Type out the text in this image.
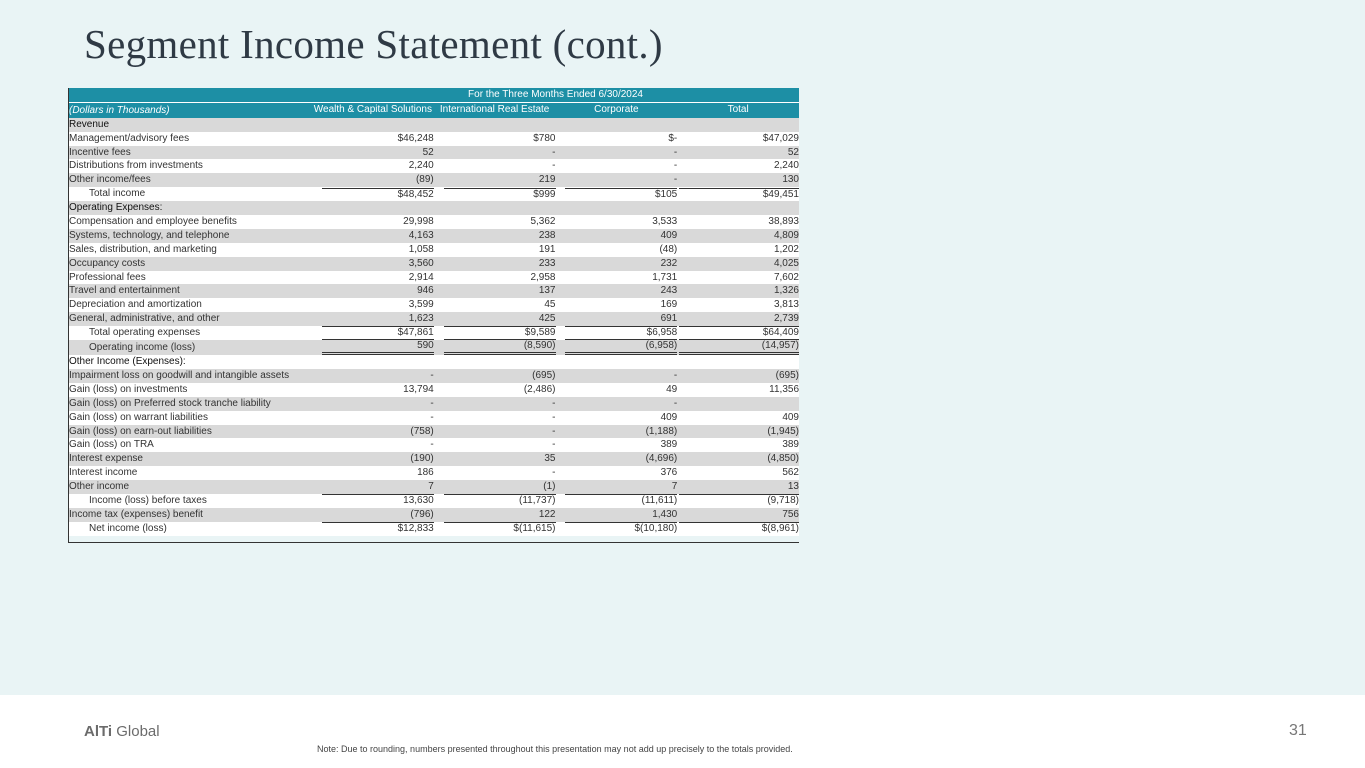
Segment Income Statement (cont.)
	For the Three Months Ended 6/30/2024			
(Dollars in Thousands)	Wealth & Capital Solutions	International Real Estate	Corporate	Total
Revenue				
Management/advisory fees	$46,248	$780	$-	$47,029
Incentive fees	52	-	-	52
Distributions from investments	2,240	-	-	2,240
Other income/fees	(89)	219	-	130
Total income	$48,452	$999	$105	$49,451
Operating Expenses:				
Compensation and employee benefits	29,998	5,362	3,533	38,893
Systems, technology, and telephone	4,163	238	409	4,809
Sales, distribution, and marketing	1,058	191	(48)	1,202
Occupancy costs	3,560	233	232	4,025
Professional fees	2,914	2,958	1,731	7,602
Travel and entertainment	946	137	243	1,326
Depreciation and amortization	3,599	45	169	3,813
General, administrative, and other	1,623	425	691	2,739
Total operating expenses	$47,861	$9,589	$6,958	$64,409
Operating income (loss)	590	(8,590)	(6,958)	(14,957)
Other Income (Expenses):				
Impairment loss on goodwill and intangible assets	-	(695)	-	(695)
Gain (loss) on investments	13,794	(2,486)	49	11,356
Gain (loss) on Preferred stock tranche liability	-	-	-	
Gain (loss) on warrant liabilities	-	-	409	409
Gain (loss) on earn-out liabilities	(758)	-	(1,188)	(1,945)
Gain (loss) on TRA	-	-	389	389
Interest expense	(190)	35	(4,696)	(4,850)
Interest income	186	-	376	562
Other income	7	(1)	7	13
Income (loss) before taxes	13,630	(11,737)	(11,611)	(9,718)
Income tax (expenses) benefit	(796)	122	1,430	756
Net income (loss)	$12,833	$(11,615)	$(10,180)	$(8,961)
AlTi Global	31
Note: Due to rounding, numbers presented throughout this presentation may not add up precisely to the totals provided.
